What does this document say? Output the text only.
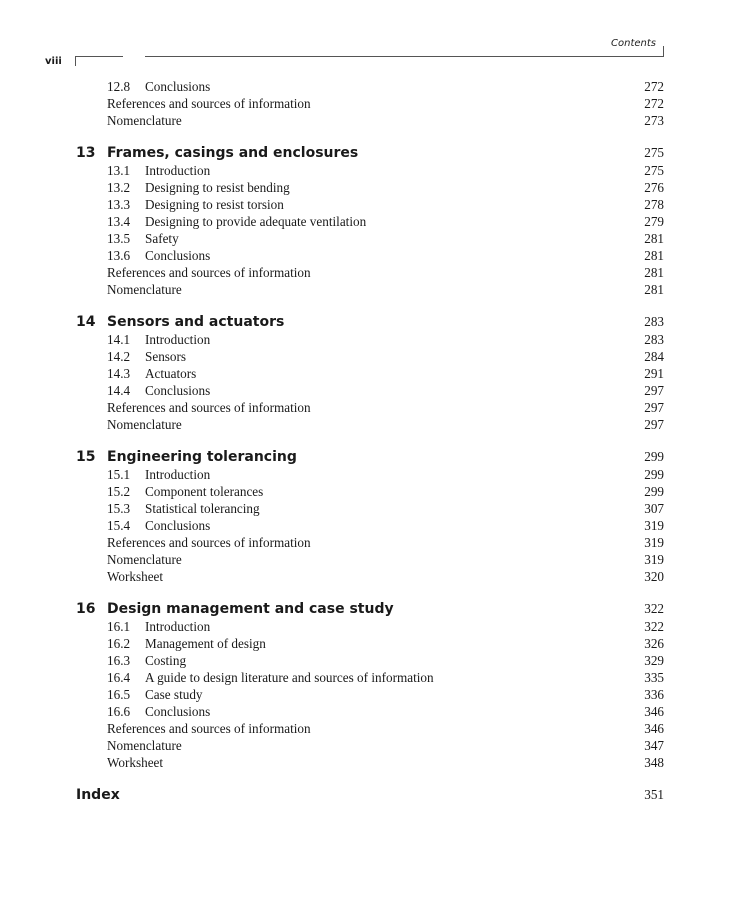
Contents
viii
12.8 Conclusions	272
References and sources of information	272
Nomenclature	273
13 Frames, casings and enclosures	275
13.1 Introduction	275
13.2 Designing to resist bending	276
13.3 Designing to resist torsion	278
13.4 Designing to provide adequate ventilation	279
13.5 Safety	281
13.6 Conclusions	281
References and sources of information	281
Nomenclature	281
14 Sensors and actuators	283
14.1 Introduction	283
14.2 Sensors	284
14.3 Actuators	291
14.4 Conclusions	297
References and sources of information	297
Nomenclature	297
15 Engineering tolerancing	299
15.1 Introduction	299
15.2 Component tolerances	299
15.3 Statistical tolerancing	307
15.4 Conclusions	319
References and sources of information	319
Nomenclature	319
Worksheet	320
16 Design management and case study	322
16.1 Introduction	322
16.2 Management of design	326
16.3 Costing	329
16.4 A guide to design literature and sources of information	335
16.5 Case study	336
16.6 Conclusions	346
References and sources of information	346
Nomenclature	347
Worksheet	348
Index	351
